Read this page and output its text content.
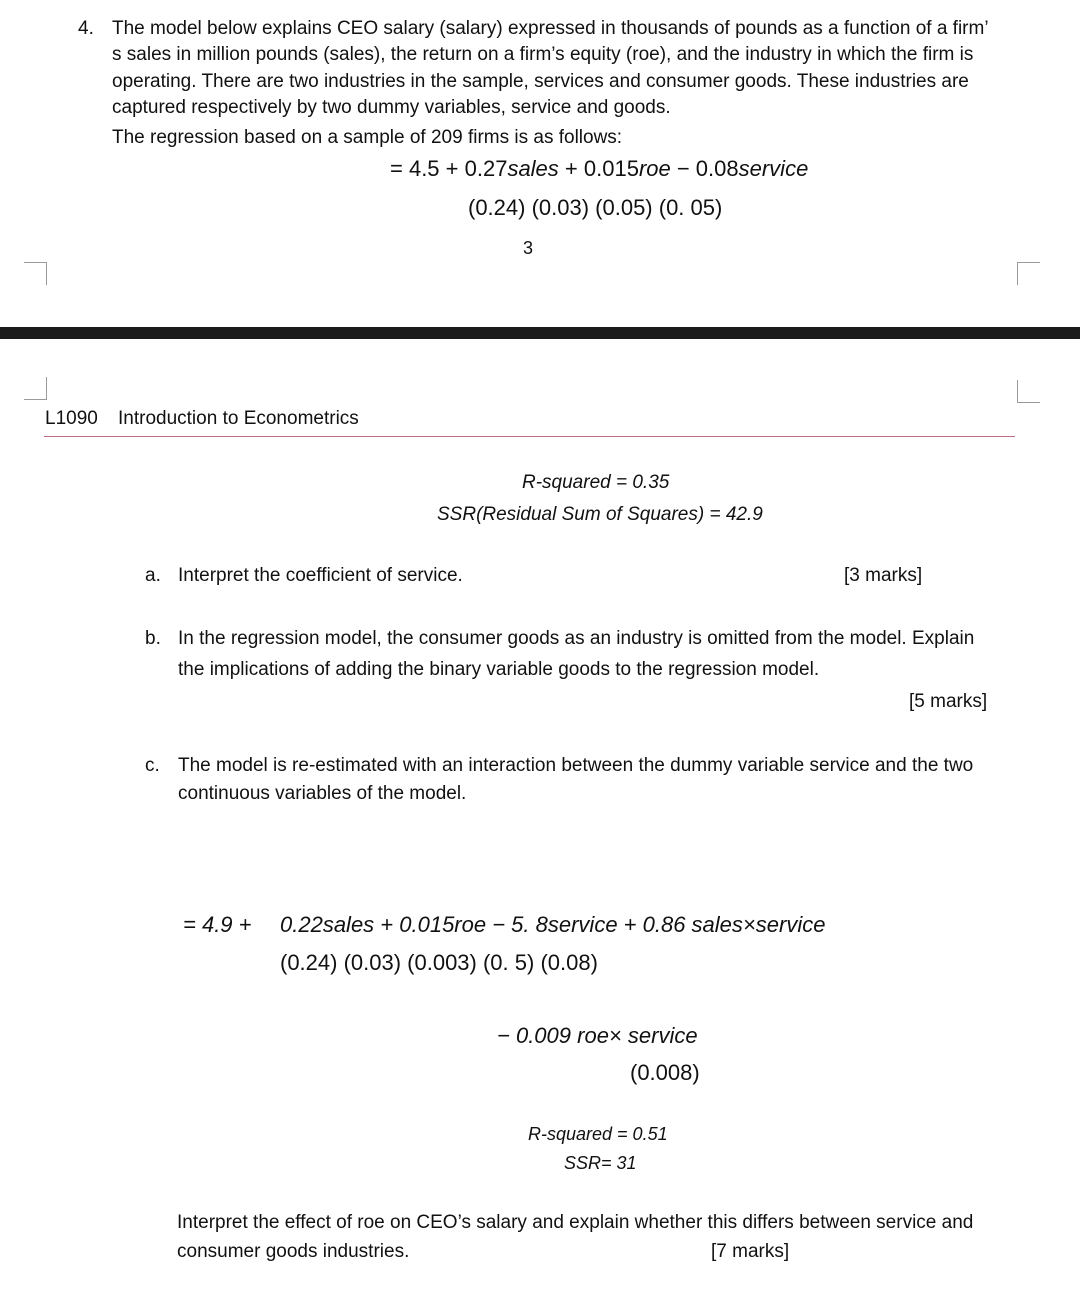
4. The model below explains CEO salary (salary) expressed in thousands of pounds as a function of a firm’
s sales in million pounds (sales), the return on a firm’s equity (roe), and the industry in which the firm is
operating. There are two industries in the sample, services and consumer goods. These industries are
captured respectively by two dummy variables, service and goods.
The regression based on a sample of 209 firms is as follows:
= 4.5 + 0.27sales + 0.015roe − 0.08service
(0.24) (0.03) (0.05) (0. 05)
3
L1090 Introduction to Econometrics
R-squared = 0.35
SSR(Residual Sum of Squares) = 42.9
a. Interpret the coefficient of service.	[3 marks]
b. In the regression model, the consumer goods as an industry is omitted from the model. Explain
the implications of adding the binary variable goods to the regression model.
[5 marks]
c. The model is re-estimated with an interaction between the dummy variable service and the two
continuous variables of the model.
= 4.9 + 0.22sales + 0.015roe − 5. 8service + 0.86 sales×service
(0.24) (0.03) (0.003) (0. 5) (0.08)
− 0.009 roe× service
(0.008)
R-squared = 0.51
SSR= 31
Interpret the effect of roe on CEO’s salary and explain whether this differs between service and
consumer goods industries.	[7 marks]
